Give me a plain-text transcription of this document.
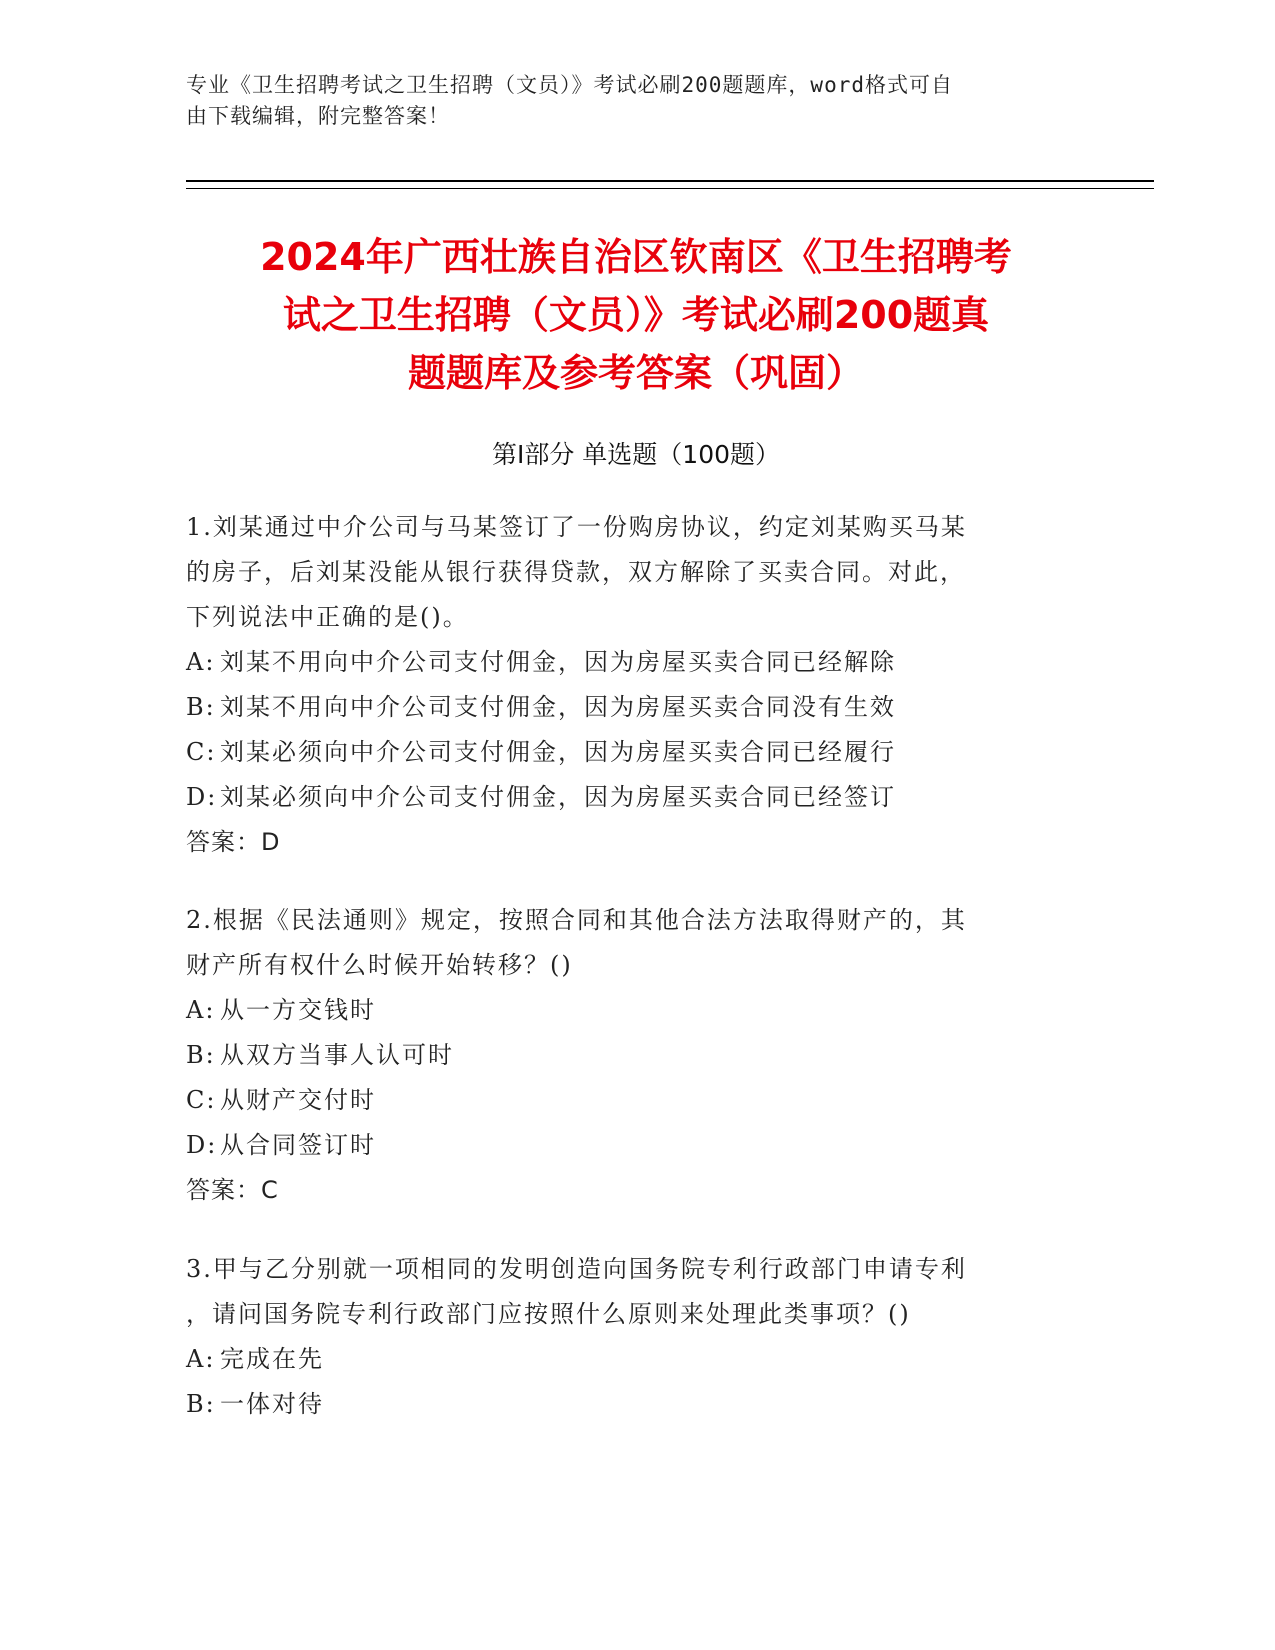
专业《卫生招聘考试之卫生招聘（文员）》考试必刷200题题库，word格式可自
由下载编辑，附完整答案！
2024年广西壮族自治区钦南区《卫生招聘考
试之卫生招聘（文员）》考试必刷200题真
题题库及参考答案（巩固）
第Ⅰ部分 单选题（100题）

1.刘某通过中介公司与马某签订了一份购房协议，约定刘某购买马某

的房子，后刘某没能从银行获得贷款，双方解除了买卖合同。对此，

下列说法中正确的是()。

A: 刘某不用向中介公司支付佣金，因为房屋买卖合同已经解除

B: 刘某不用向中介公司支付佣金，因为房屋买卖合同没有生效

C: 刘某必须向中介公司支付佣金，因为房屋买卖合同已经履行

D: 刘某必须向中介公司支付佣金，因为房屋买卖合同已经签订

答案：D

2.根据《民法通则》规定，按照合同和其他合法方法取得财产的，其

财产所有权什么时候开始转移？()

A: 从一方交钱时

B: 从双方当事人认可时

C: 从财产交付时

D: 从合同签订时

答案：C

3.甲与乙分别就一项相同的发明创造向国务院专利行政部门申请专利

，请问国务院专利行政部门应按照什么原则来处理此类事项？()

A: 完成在先

B: 一体对待
